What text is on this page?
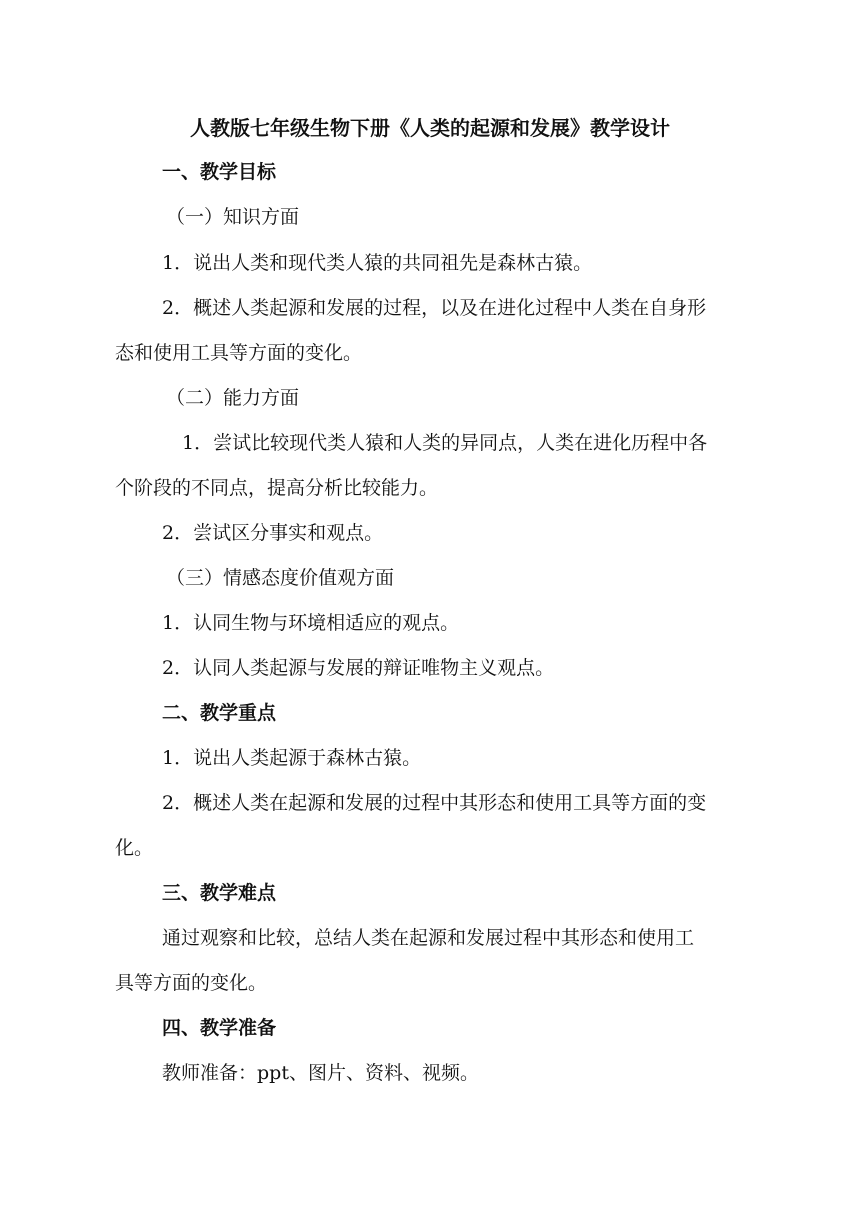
人教版七年级生物下册《人类的起源和发展》教学设计
一、教学目标
（一）知识方面
1．说出人类和现代类人猿的共同祖先是森林古猿。
2．概述人类起源和发展的过程，以及在进化过程中人类在自身形
态和使用工具等方面的变化。
（二）能力方面
1．尝试比较现代类人猿和人类的异同点，人类在进化历程中各
个阶段的不同点，提高分析比较能力。
2．尝试区分事实和观点。
（三）情感态度价值观方面
1．认同生物与环境相适应的观点。
2．认同人类起源与发展的辩证唯物主义观点。
二、教学重点
1．说出人类起源于森林古猿。
2．概述人类在起源和发展的过程中其形态和使用工具等方面的变
化。
三、教学难点
通过观察和比较，总结人类在起源和发展过程中其形态和使用工
具等方面的变化。
四、教学准备
教师准备：ppt、图片、资料、视频。
